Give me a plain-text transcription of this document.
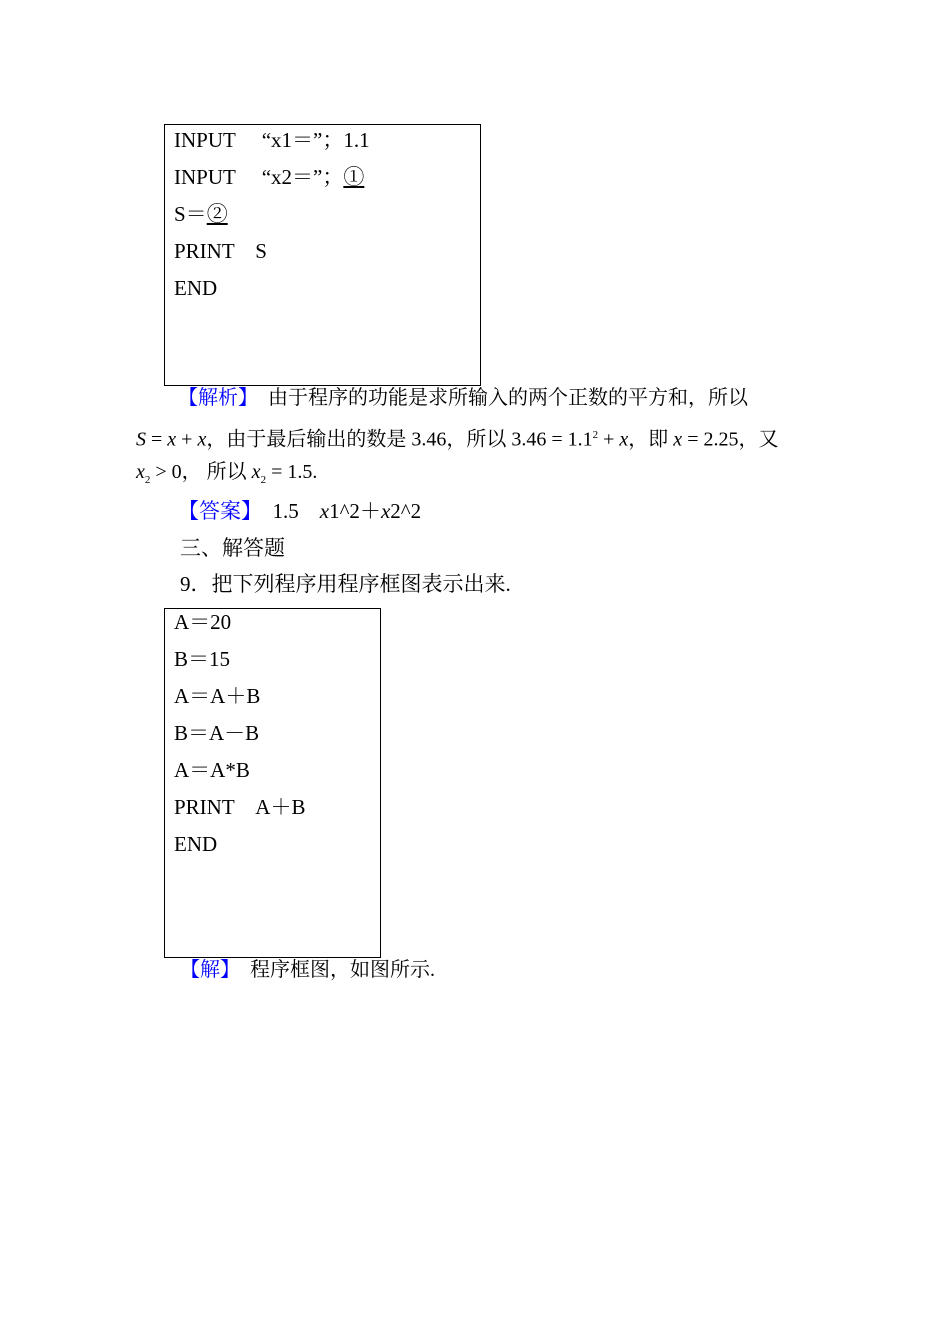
INPUT　 “x1＝”；1.1
INPUT　 “x2＝”；①
S＝②
PRINT　S
END
【解析】　由于程序的功能是求所输入的两个正数的平方和，所以
S = x + x，由于最后输出的数是 3.46，所以 $3.46 = 1.1^2 + x$，即 x = 2.25，又
$x_2 > 0$， 所以 $x_2 = 1.5$.
【答案】　1.5　x1^2＋x2^2
三、解答题
9．把下列程序用程序框图表示出来.
A＝20
B＝15
A＝A＋B
B＝A－B
A＝A*B
PRINT　A＋B
END
【解】　程序框图，如图所示.
